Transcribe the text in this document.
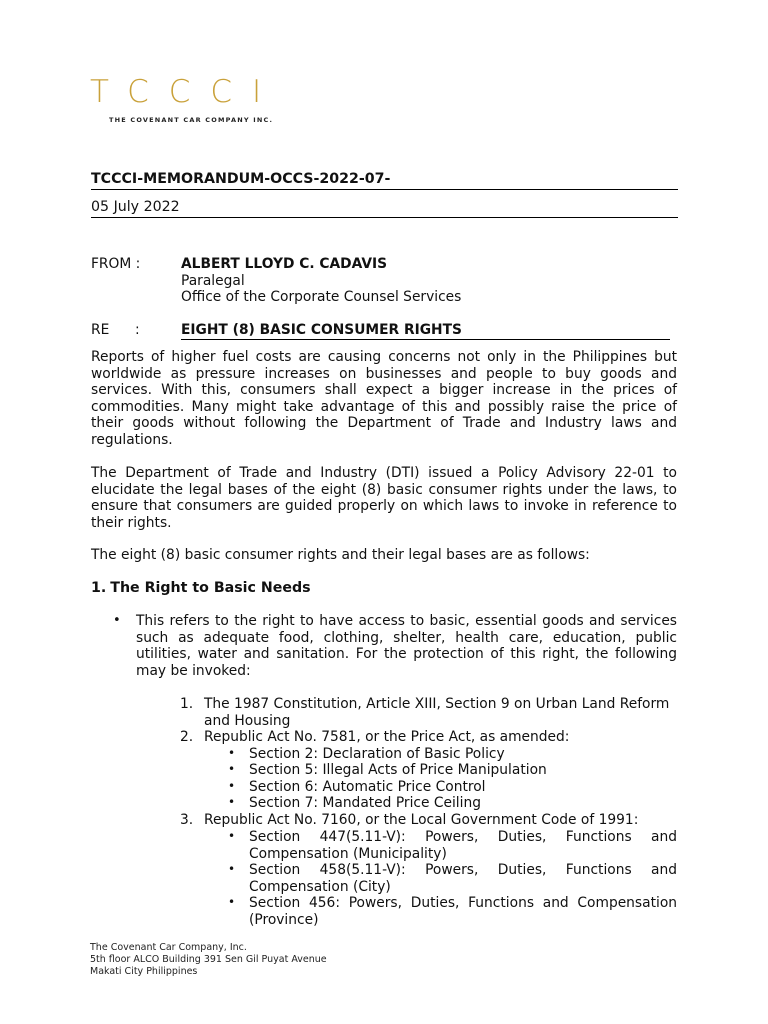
TCCCI
THE COVENANT CAR COMPANY INC.
TCCCI-MEMORANDUM-OCCS-2022-07-
05 July 2022
FROM :	ALBERT LLOYD C. CADAVIS
Paralegal
Office of the Corporate Counsel Services
RE :	EIGHT (8) BASIC CONSUMER RIGHTS
Reports of higher fuel costs are causing concerns not only in the Philippines but worldwide as pressure increases on businesses and people to buy goods and services. With this, consumers shall expect a bigger increase in the prices of commodities. Many might take advantage of this and possibly raise the price of their goods without following the Department of Trade and Industry laws and regulations.
The Department of Trade and Industry (DTI) issued a Policy Advisory 22-01 to elucidate the legal bases of the eight (8) basic consumer rights under the laws, to ensure that consumers are guided properly on which laws to invoke in reference to their rights.
The eight (8) basic consumer rights and their legal bases are as follows:
1. The Right to Basic Needs
• This refers to the right to have access to basic, essential goods and services such as adequate food, clothing, shelter, health care, education, public utilities, water and sanitation. For the protection of this right, the following may be invoked:
1. The 1987 Constitution, Article XIII, Section 9 on Urban Land Reform and Housing
2. Republic Act No. 7581, or the Price Act, as amended:
• Section 2: Declaration of Basic Policy
• Section 5: Illegal Acts of Price Manipulation
• Section 6: Automatic Price Control
• Section 7: Mandated Price Ceiling
3. Republic Act No. 7160, or the Local Government Code of 1991:
• Section 447(5.11-V): Powers, Duties, Functions and Compensation (Municipality)
• Section 458(5.11-V): Powers, Duties, Functions and Compensation (City)
• Section 456: Powers, Duties, Functions and Compensation (Province)
The Covenant Car Company, Inc.
5th floor ALCO Building 391 Sen Gil Puyat Avenue
Makati City Philippines
